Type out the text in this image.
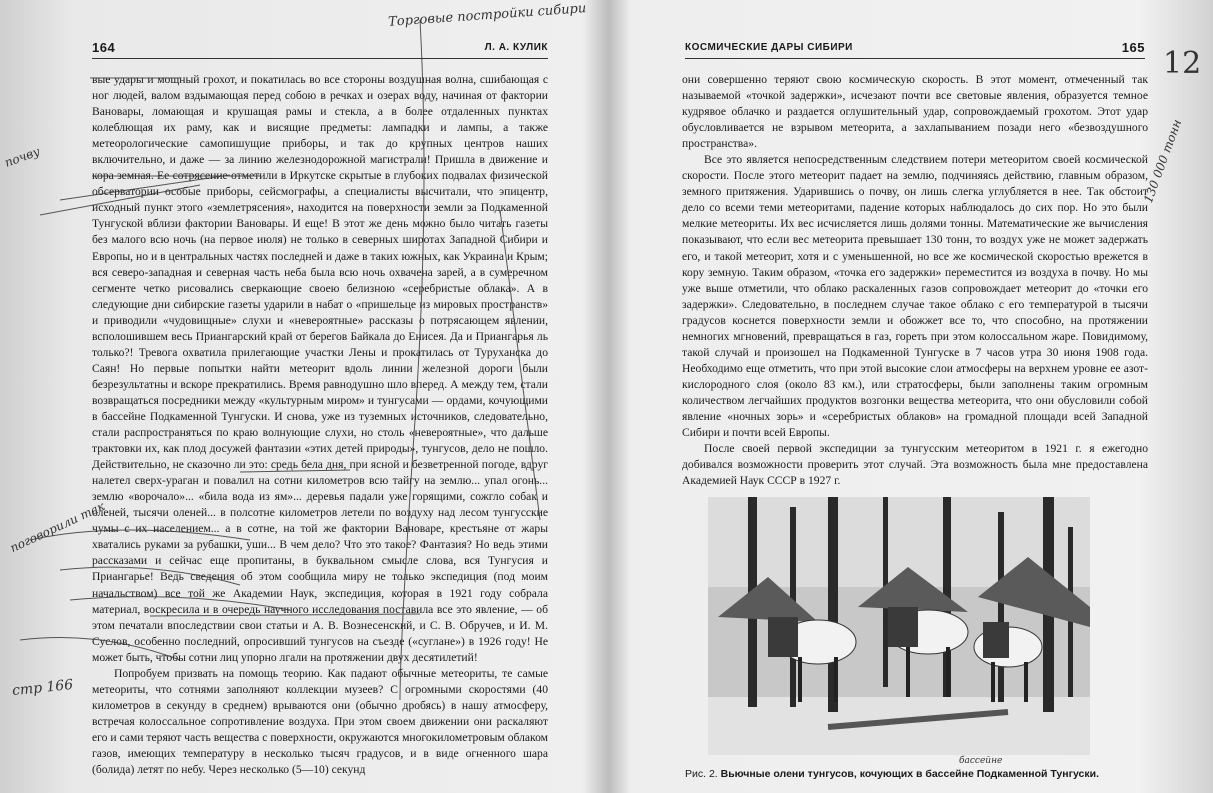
164	Л. А. КУЛИК

вые удары и мощный грохот, и покатилась во все стороны воздушная волна, сшибающая с ног людей, валом вздымающая перед собою в речках и озерах воду, начиная от фактории Вановары, ломающая и крушащая рамы и стекла, а в более отдаленных пунктах колеблющая их раму, как и висящие предметы: лампадки и лампы, а также метеорологические самопишущие приборы, и так до крупных центров наших включительно, и даже — за линию железнодорожной магистрали! Пришла в движение и кора земная. Ее сотрясение отметили в Иркутске скрытые в глубоких подвалах физической обсерватории особые приборы, сейсмографы, а специалисты высчитали, что эпицентр, исходный пункт этого «землетрясения», находится на поверхности земли за Подкаменной Тунгуской вблизи фактории Вановары. И еще! В этот же день можно было читать газеты без малого всю ночь (на первое июля) не только в северных широтах Западной Сибири и Европы, но и в центральных частях последней и даже в таких южных, как Украина и Крым; вся северо-западная и северная часть неба была всю ночь охвачена зарей, а в сумеречном сегменте четко рисовались сверкающие своею белизною «серебристые облака». А в следующие дни сибирские газеты ударили в набат о «пришельце из мировых пространств» и приводили «чудовищные» слухи и «невероятные» рассказы о потрясающем явлении, всполошившем весь Приангарский край от берегов Байкала до Енисея. Да и Приангарья ль только?! Тревога охватила прилегающие участки Лены и прокатилась от Туруханска до Саян! Но первые попытки найти метеорит вдоль линии железной дороги были безрезультатны и вскоре прекратились. Время равнодушно шло вперед. А между тем, стали возвращаться посредники между «культурным миром» и тунгусами — ордами, кочующими в бассейне Подкаменной Тунгуски. И снова, уже из туземных источников, следовательно, стали распространяться по краю волнующие слухи, но столь «невероятные», что дальше трактовки их, как плод досужей фантазии «этих детей природы», тунгусов, дело не пошло. Действительно, не сказочно ли это: средь бела дня, при ясной и безветренной погоде, вдруг налетел сверх-ураган и повалил на сотни километров всю тайгу на землю... упал огонь... землю «ворочало»... «била вода из ям»... деревья падали уже горящими, сожгло собак и оленей, тысячи оленей... в полсотне километров летели по воздуху над лесом тунгусские чумы с их населением... а в сотне, на той же фактории Вановаре, крестьяне от жары хватались руками за рубашки, уши... В чем дело? Что это такое? Фантазия? Но ведь этими рассказами и сейчас еще пропитаны, в буквальном смысле слова, вся Тунгусия и Приангарье! Ведь сведения об этом сообщила миру не только экспедиция (под моим начальством) все той же Академии Наук, экспедиция, которая в 1921 году собрала материал, воскресила и в очередь научного исследования поставила все это явление, — об этом печатали впоследствии свои статьи и А. В. Вознесенский, и С. В. Обручев, и И. М. Суслов, особенно последний, опросивший тунгусов на съезде («суглане») в 1926 году! Не может быть, чтобы сотни лиц упорно лгали на протяжении двух десятилетий!

Попробуем призвать на помощь теорию. Как падают обычные метеориты, те самые метеориты, что сотнями заполняют коллекции музеев? С огромными скоростями (40 километров в секунду в среднем) врываются они (обычно дробясь) в нашу атмосферу, встречая колоссальное сопротивление воздуха. При этом своем движении они раскаляют его и сами теряют часть вещества с поверхности, окружаются многокилометровым облаком газов, имеющих температуру в несколько тысяч градусов, и в виде огненного шара (болида) летят по небу. Через несколько (5—10) секунд

Торговые постройки сибири
почву
поговорили так
стр 166
КОСМИЧЕСКИЕ ДАРЫ СИБИРИ	165

они совершенно теряют свою космическую скорость. В этот момент, отмеченный так называемой «точкой задержки», исчезают почти все световые явления, образуется темное кудрявое облачко и раздается оглушительный удар, сопровождаемый грохотом. Этот удар обусловливается не взрывом метеорита, а захлапыванием позади него «безвоздушного пространства».

Все это является непосредственным следствием потери метеоритом своей космической скорости. После этого метеорит падает на землю, подчиняясь действию, главным образом, земного притяжения. Ударившись о почву, он лишь слегка углубляется в нее. Так обстоит дело со всеми теми метеоритами, падение которых наблюдалось до сих пор. Но это были мелкие метеориты. Их вес исчисляется лишь долями тонны. Математические же вычисления показывают, что если вес метеорита превышает 130 тонн, то воздух уже не может задержать его, и такой метеорит, хотя и с уменьшенной, но все же космической скоростью врежется в кору земную. Таким образом, «точка его задержки» переместится из воздуха в почву. Но мы уже выше отметили, что облако раскаленных газов сопровождает метеорит до «точки его задержки». Следовательно, в последнем случае такое облако с его температурой в тысячи градусов коснется поверхности земли и обожжет все то, что способно, на протяжении немногих мгновений, превращаться в газ, гореть при этом колоссальном жаре. Повидимому, такой случай и произошел на Подкаменной Тунгуске в 7 часов утра 30 июня 1908 года. Необходимо еще отметить, что при этой высокие слои атмосферы на верхнем уровне ее азот-кислородного слоя (около 83 км.), или стратосферы, были заполнены таким огромным количеством легчайших продуктов возгонки вещества метеорита, что они обусловили собой явление «ночных зорь» и «серебристых облаков» на громадной площади всей Западной Сибири и почти всей Европы.

После своей первой экспедиции за тунгусским метеоритом в 1921 г. я ежегодно добивался возможности проверить этот случай. Эта возможность была мне предоставлена Академией Наук СССР в 1927 г.

Рис. 2. Вьючные олени тунгусов, кочующих в бассейне Подкаменной Тунгуски.
12
130 000 тонн
бассейне
